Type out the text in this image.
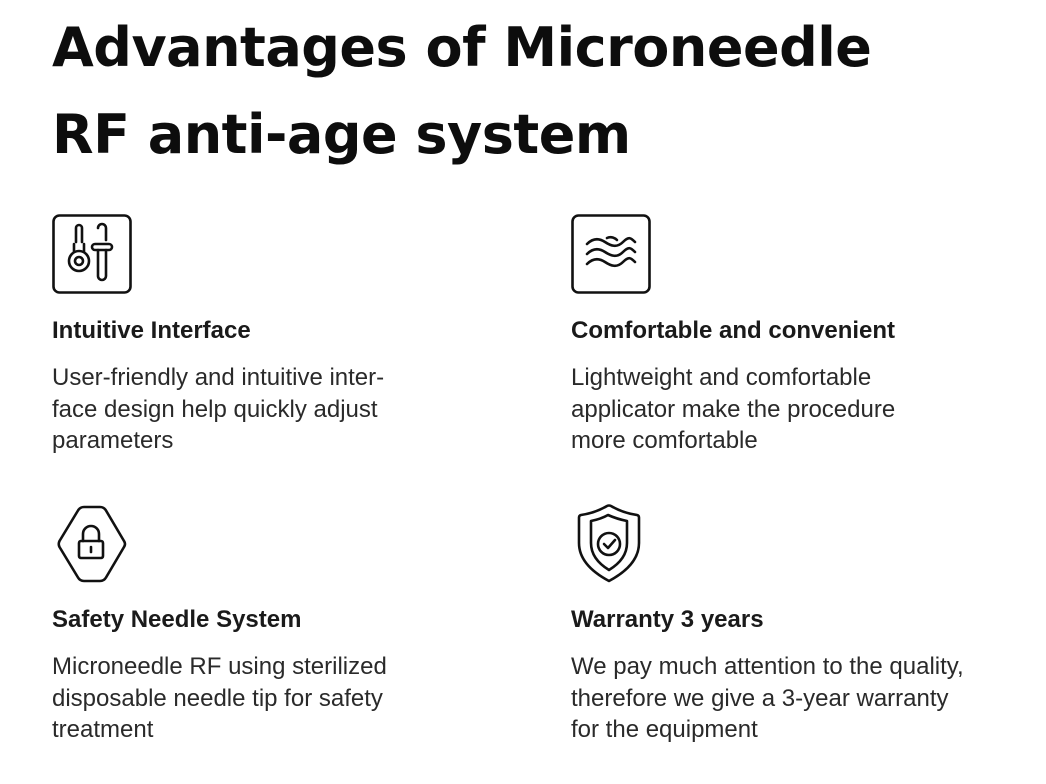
Advantages of Microneedle
RF anti-age system

Intuitive Interface

User-friendly and intuitive inter-
face design help quickly adjust
parameters

Comfortable and convenient

Lightweight and comfortable
applicator make the procedure
more comfortable

Safety Needle System

Microneedle RF using sterilized
disposable needle tip for safety
treatment

Warranty 3 years

We pay much attention to the quality,
therefore we give a 3-year warranty
for the equipment
